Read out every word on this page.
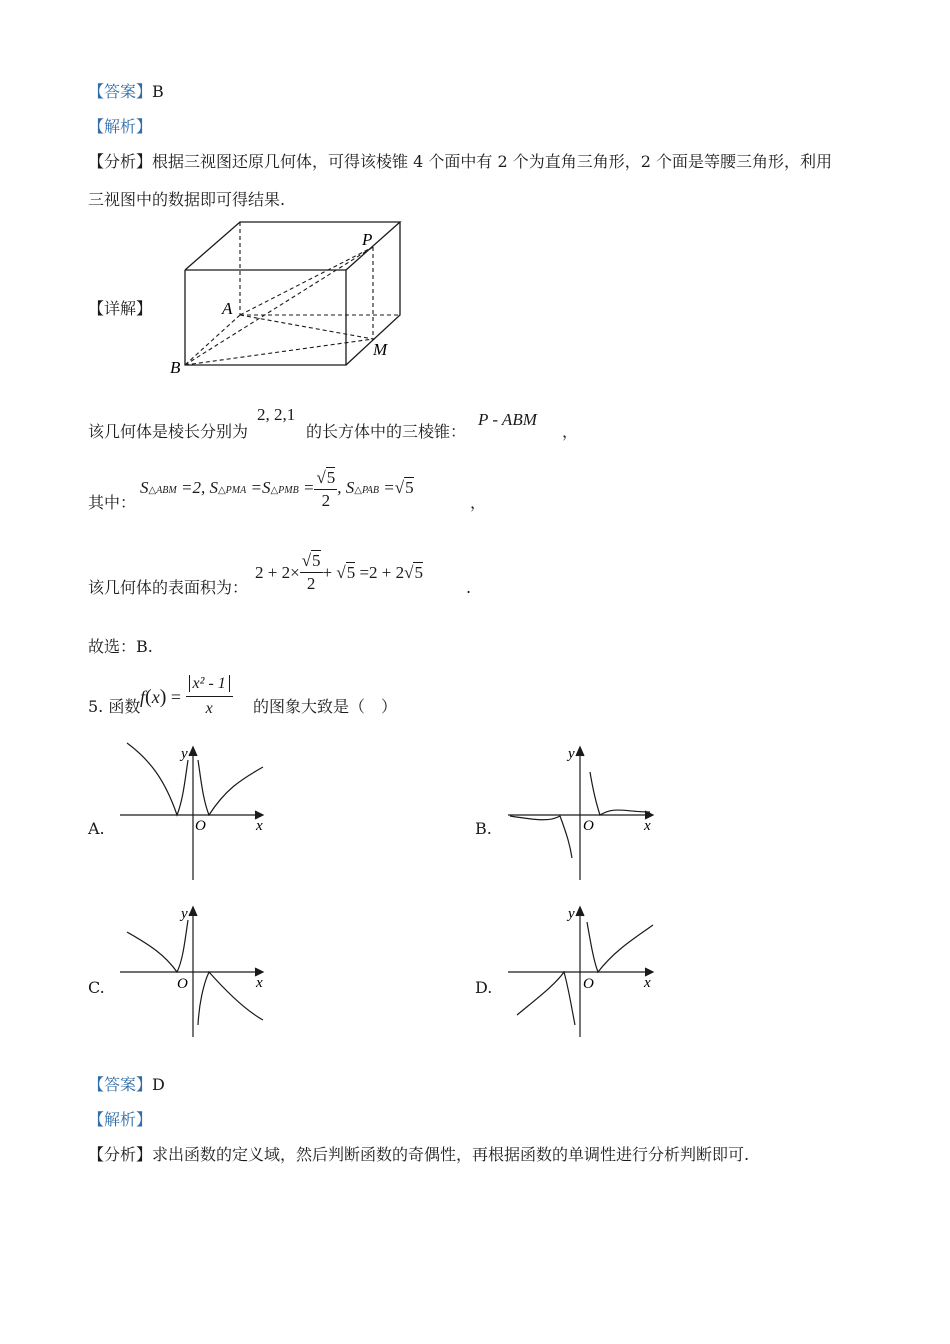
【答案】B
【解析】
【分析】根据三视图还原几何体，可得该棱锥 4 个面中有 2 个为直角三角形，2 个面是等腰三角形，利用
三视图中的数据即可得结果.
【详解】
P
A
B
M
该几何体是棱长分别为
2, 2,1
的长方体中的三棱锥：
P - ABM
，
其中：
S△ABM =2, S△PMA =S△PMB = $\frac{√5}{2}$ , S△PAB =√5
，
该几何体的表面积为：
$2 + 2\times \frac{√5}{2} + √5 =2 + 2√5$
.
故选：B.
5. 函数 $f(x) = \frac{\text{x² - 1}}{x}$ 的图象大致是（　）
A.
y
x
O	B.
y
x
O
C.
y
x
O	D.
y
x
O
【答案】D
【解析】
【分析】求出函数的定义域，然后判断函数的奇偶性，再根据函数的单调性进行分析判断即可.
